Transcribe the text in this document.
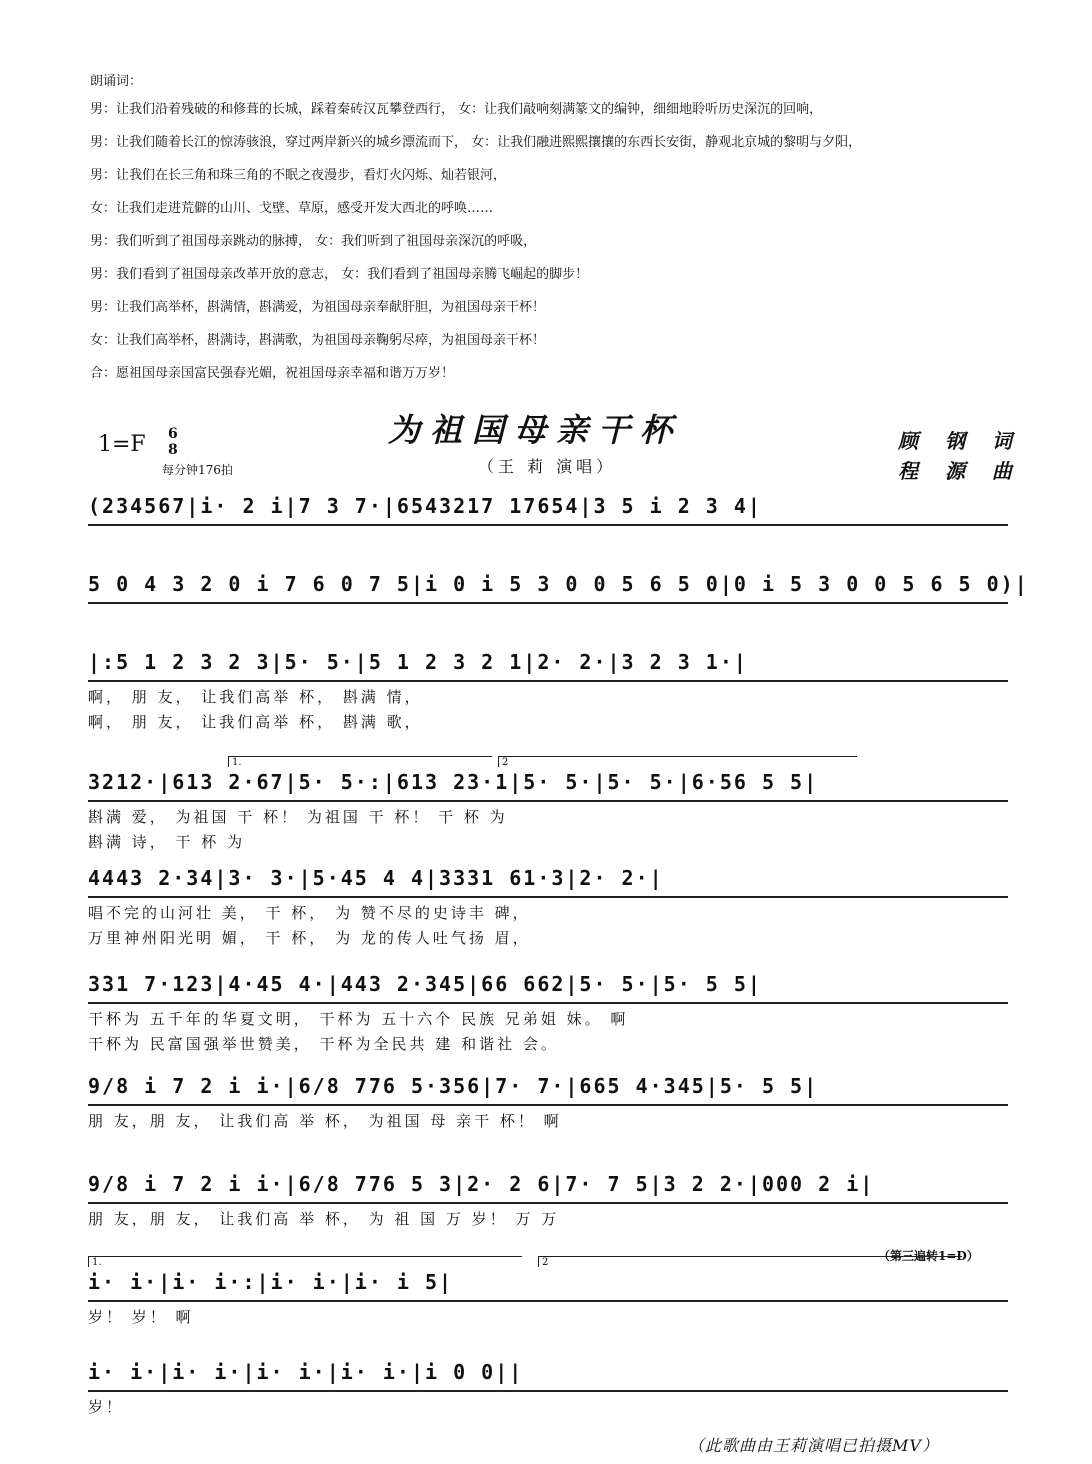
朗诵词：
男：让我们沿着残破的和修葺的长城，踩着秦砖汉瓦攀登西行， 女：让我们敲响刻满篆文的编钟，细细地聆听历史深沉的回响，
男：让我们随着长江的惊涛骇浪，穿过两岸新兴的城乡漂流而下， 女：让我们融进熙熙攘攘的东西长安街，静观北京城的黎明与夕阳，
男：让我们在长三角和珠三角的不眠之夜漫步，看灯火闪烁、灿若银河，
女：让我们走进荒僻的山川、戈壁、草原，感受开发大西北的呼唤……
男：我们听到了祖国母亲跳动的脉搏， 女：我们听到了祖国母亲深沉的呼吸，
男：我们看到了祖国母亲改革开放的意志， 女：我们看到了祖国母亲腾飞崛起的脚步！
男：让我们高举杯，斟满情，斟满爱，为祖国母亲奉献肝胆，为祖国母亲干杯！
女：让我们高举杯，斟满诗，斟满歌，为祖国母亲鞠躬尽瘁，为祖国母亲干杯！
合：愿祖国母亲国富民强春光媚，祝祖国母亲幸福和谐万万岁！
1=F 6
8
每分钟176拍
为祖国母亲干杯
（王 莉 演唱）
顾 钢 词
程 源 曲
(234567|i· 2 i|7 3 7·|6543217 17654|3 5 i 2 3 4|
5 0 4 3 2 0 i 7 6 0 7 5|i 0 i 5 3 0 0 5 6 5 0|0 i 5 3 0 0 5 6 5 0)|
|:5 1 2 3 2 3|5· 5·|5 1 2 3 2 1|2· 2·|3 2 3 1·|
啊， 朋 友， 让我们高举 杯， 斟满 情，
啊， 朋 友， 让我们高举 杯， 斟满 歌，
1.	2
3212·|613 2·67|5· 5·:|613 23·1|5· 5·|5· 5·|6·56 5 5|
斟满 爱， 为祖国 干 杯！ 为祖国 干 杯！ 干 杯 为
斟满 诗， 干 杯 为
4443 2·34|3· 3·|5·45 4 4|3331 61·3|2· 2·|
唱不完的山河壮 美， 干 杯， 为 赞不尽的史诗丰 碑，
万里神州阳光明 媚， 干 杯， 为 龙的传人吐气扬 眉，
331 7·123|4·45 4·|443 2·345|66 662|5· 5·|5· 5 5|
干杯为 五千年的华夏文明， 干杯为 五十六个 民族 兄弟姐 妹。 啊
干杯为 民富国强举世赞美， 干杯为全民共 建 和谐社 会。
9/8 i 7 2 i i·|6/8 776 5·356|7· 7·|665 4·345|5· 5 5|
朋 友，朋 友， 让我们高 举 杯， 为祖国 母 亲干 杯！ 啊
9/8 i 7 2 i i·|6/8 776 5 3|2· 2 6|7· 7 5|3 2 2·|000 2 i|
朋 友，朋 友， 让我们高 举 杯， 为 祖 国 万 岁！ 万 万
（第三遍转1=D）
1.	2
i· i·|i· i·:|i· i·|i· i 5|
岁！ 岁！ 啊
i· i·|i· i·|i· i·|i· i·|i 0 0||
岁！
（此歌曲由王莉演唱已拍摄MV）
